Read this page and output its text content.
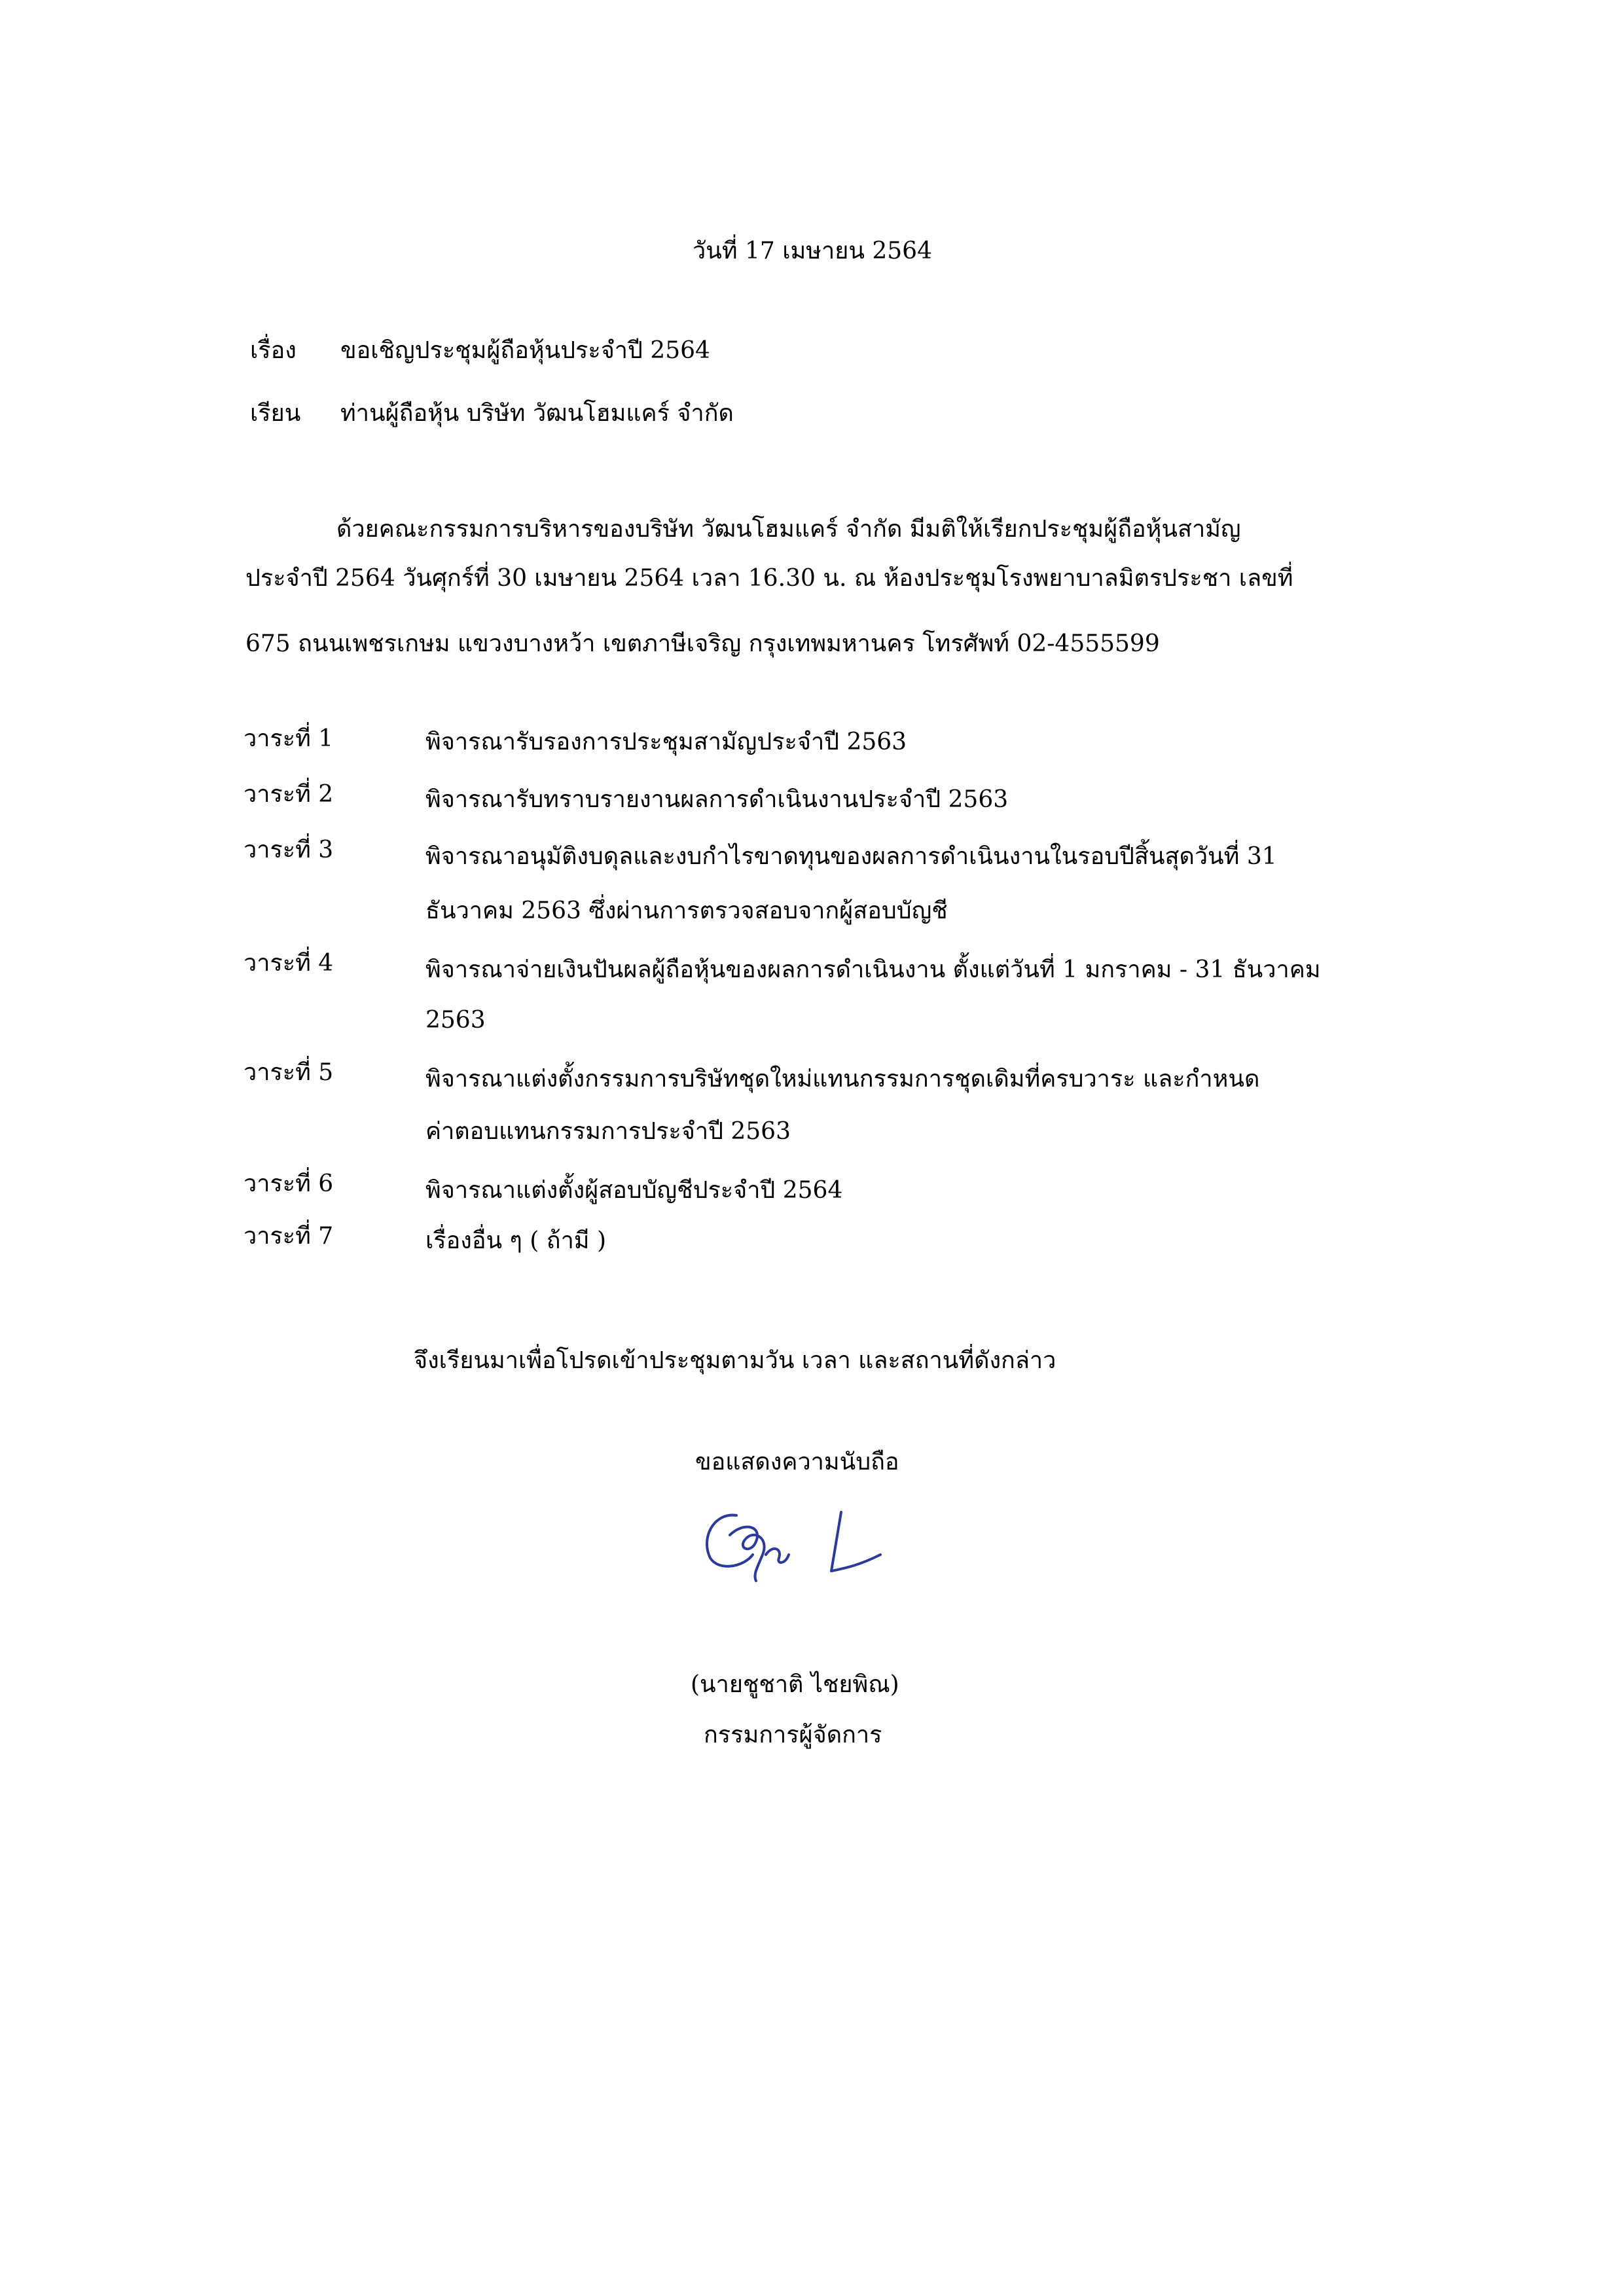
วันที่ 17 เมษายน 2564
เรื่อง ขอเชิญประชุมผู้ถือหุ้นประจำปี 2564
เรียน ท่านผู้ถือหุ้น บริษัท วัฒนโฮมแคร์ จำกัด
ด้วยคณะกรรมการบริหารของบริษัท วัฒนโฮมแคร์ จำกัด มีมติให้เรียกประชุมผู้ถือหุ้นสามัญ
ประจำปี 2564 วันศุกร์ที่ 30 เมษายน 2564 เวลา 16.30 น. ณ ห้องประชุมโรงพยาบาลมิตรประชา เลขที่
675 ถนนเพชรเกษม แขวงบางหว้า เขตภาษีเจริญ กรุงเทพมหานคร โทรศัพท์ 02-4555599
วาระที่ 1	พิจารณารับรองการประชุมสามัญประจำปี 2563
วาระที่ 2	พิจารณารับทราบรายงานผลการดำเนินงานประจำปี 2563
วาระที่ 3	พิจารณาอนุมัติงบดุลและงบกำไรขาดทุนของผลการดำเนินงานในรอบปีสิ้นสุดวันที่ 31
ธันวาคม 2563 ซึ่งผ่านการตรวจสอบจากผู้สอบบัญชี
วาระที่ 4	พิจารณาจ่ายเงินปันผลผู้ถือหุ้นของผลการดำเนินงาน ตั้งแต่วันที่ 1 มกราคม - 31 ธันวาคม
2563
วาระที่ 5	พิจารณาแต่งตั้งกรรมการบริษัทชุดใหม่แทนกรรมการชุดเดิมที่ครบวาระ และกำหนด
ค่าตอบแทนกรรมการประจำปี 2563
วาระที่ 6	พิจารณาแต่งตั้งผู้สอบบัญชีประจำปี 2564
วาระที่ 7	เรื่องอื่น ๆ ( ถ้ามี )
จึงเรียนมาเพื่อโปรดเข้าประชุมตามวัน เวลา และสถานที่ดังกล่าว
ขอแสดงความนับถือ
(นายชูชาติ ไชยพิณ)
กรรมการผู้จัดการ
